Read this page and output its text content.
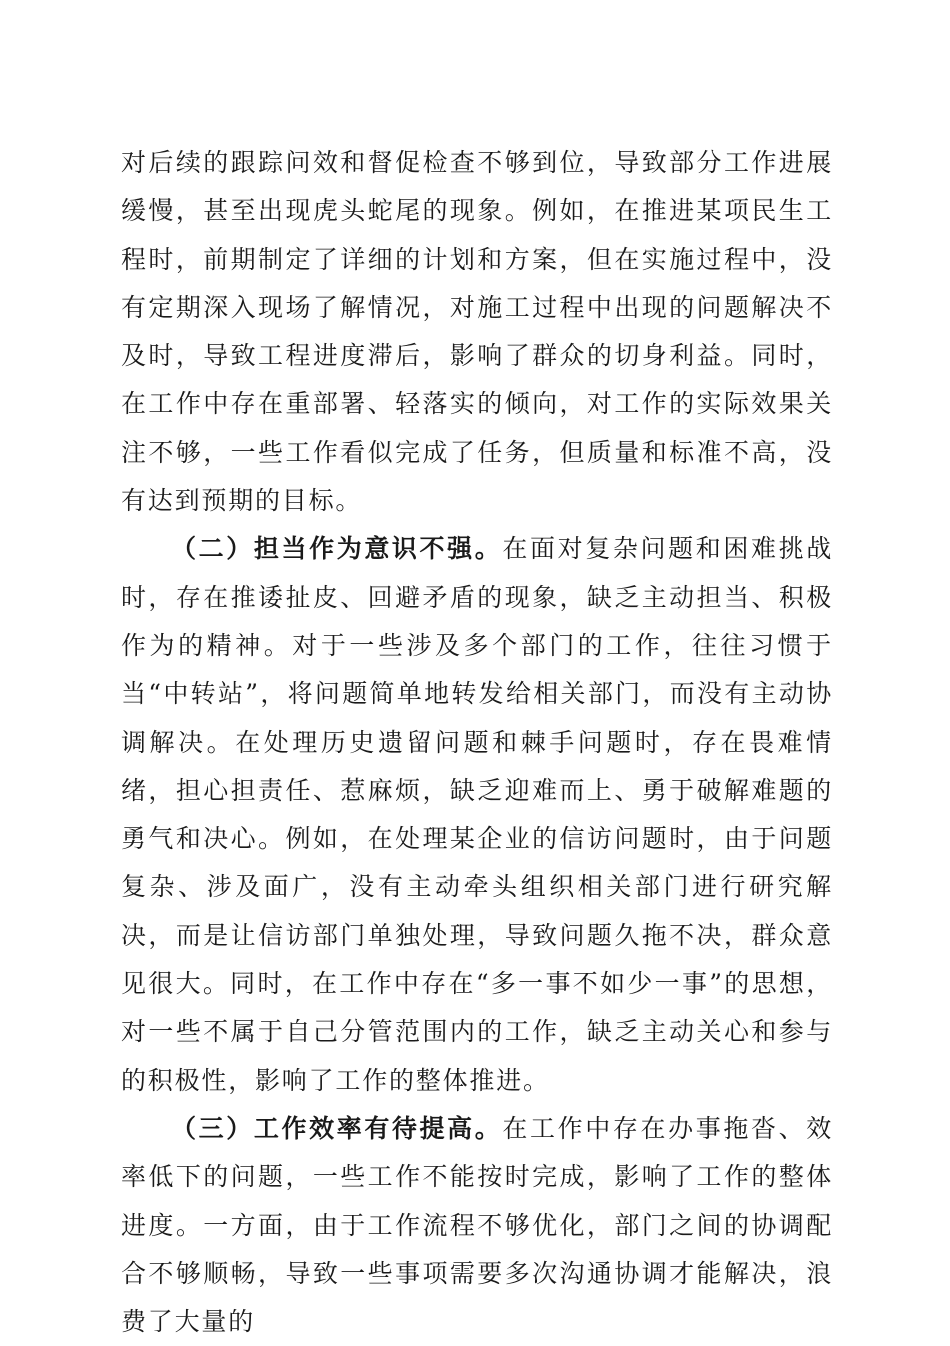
对后续的跟踪问效和督促检查不够到位，导致部分工作进展缓慢，甚至出现虎头蛇尾的现象。例如，在推进某项民生工程时，前期制定了详细的计划和方案，但在实施过程中，没有定期深入现场了解情况，对施工过程中出现的问题解决不及时，导致工程进度滞后，影响了群众的切身利益。同时，在工作中存在重部署、轻落实的倾向，对工作的实际效果关注不够，一些工作看似完成了任务，但质量和标准不高，没有达到预期的目标。

（二）担当作为意识不强。在面对复杂问题和困难挑战时，存在推诿扯皮、回避矛盾的现象，缺乏主动担当、积极作为的精神。对于一些涉及多个部门的工作，往往习惯于当“中转站”，将问题简单地转发给相关部门，而没有主动协调解决。在处理历史遗留问题和棘手问题时，存在畏难情绪，担心担责任、惹麻烦，缺乏迎难而上、勇于破解难题的勇气和决心。例如，在处理某企业的信访问题时，由于问题复杂、涉及面广，没有主动牵头组织相关部门进行研究解决，而是让信访部门单独处理，导致问题久拖不决，群众意见很大。同时，在工作中存在“多一事不如少一事”的思想，对一些不属于自己分管范围内的工作，缺乏主动关心和参与的积极性，影响了工作的整体推进。

（三）工作效率有待提高。在工作中存在办事拖沓、效率低下的问题，一些工作不能按时完成，影响了工作的整体进度。一方面，由于工作流程不够优化，部门之间的协调配合不够顺畅，导致一些事项需要多次沟通协调才能解决，浪费了大量的
